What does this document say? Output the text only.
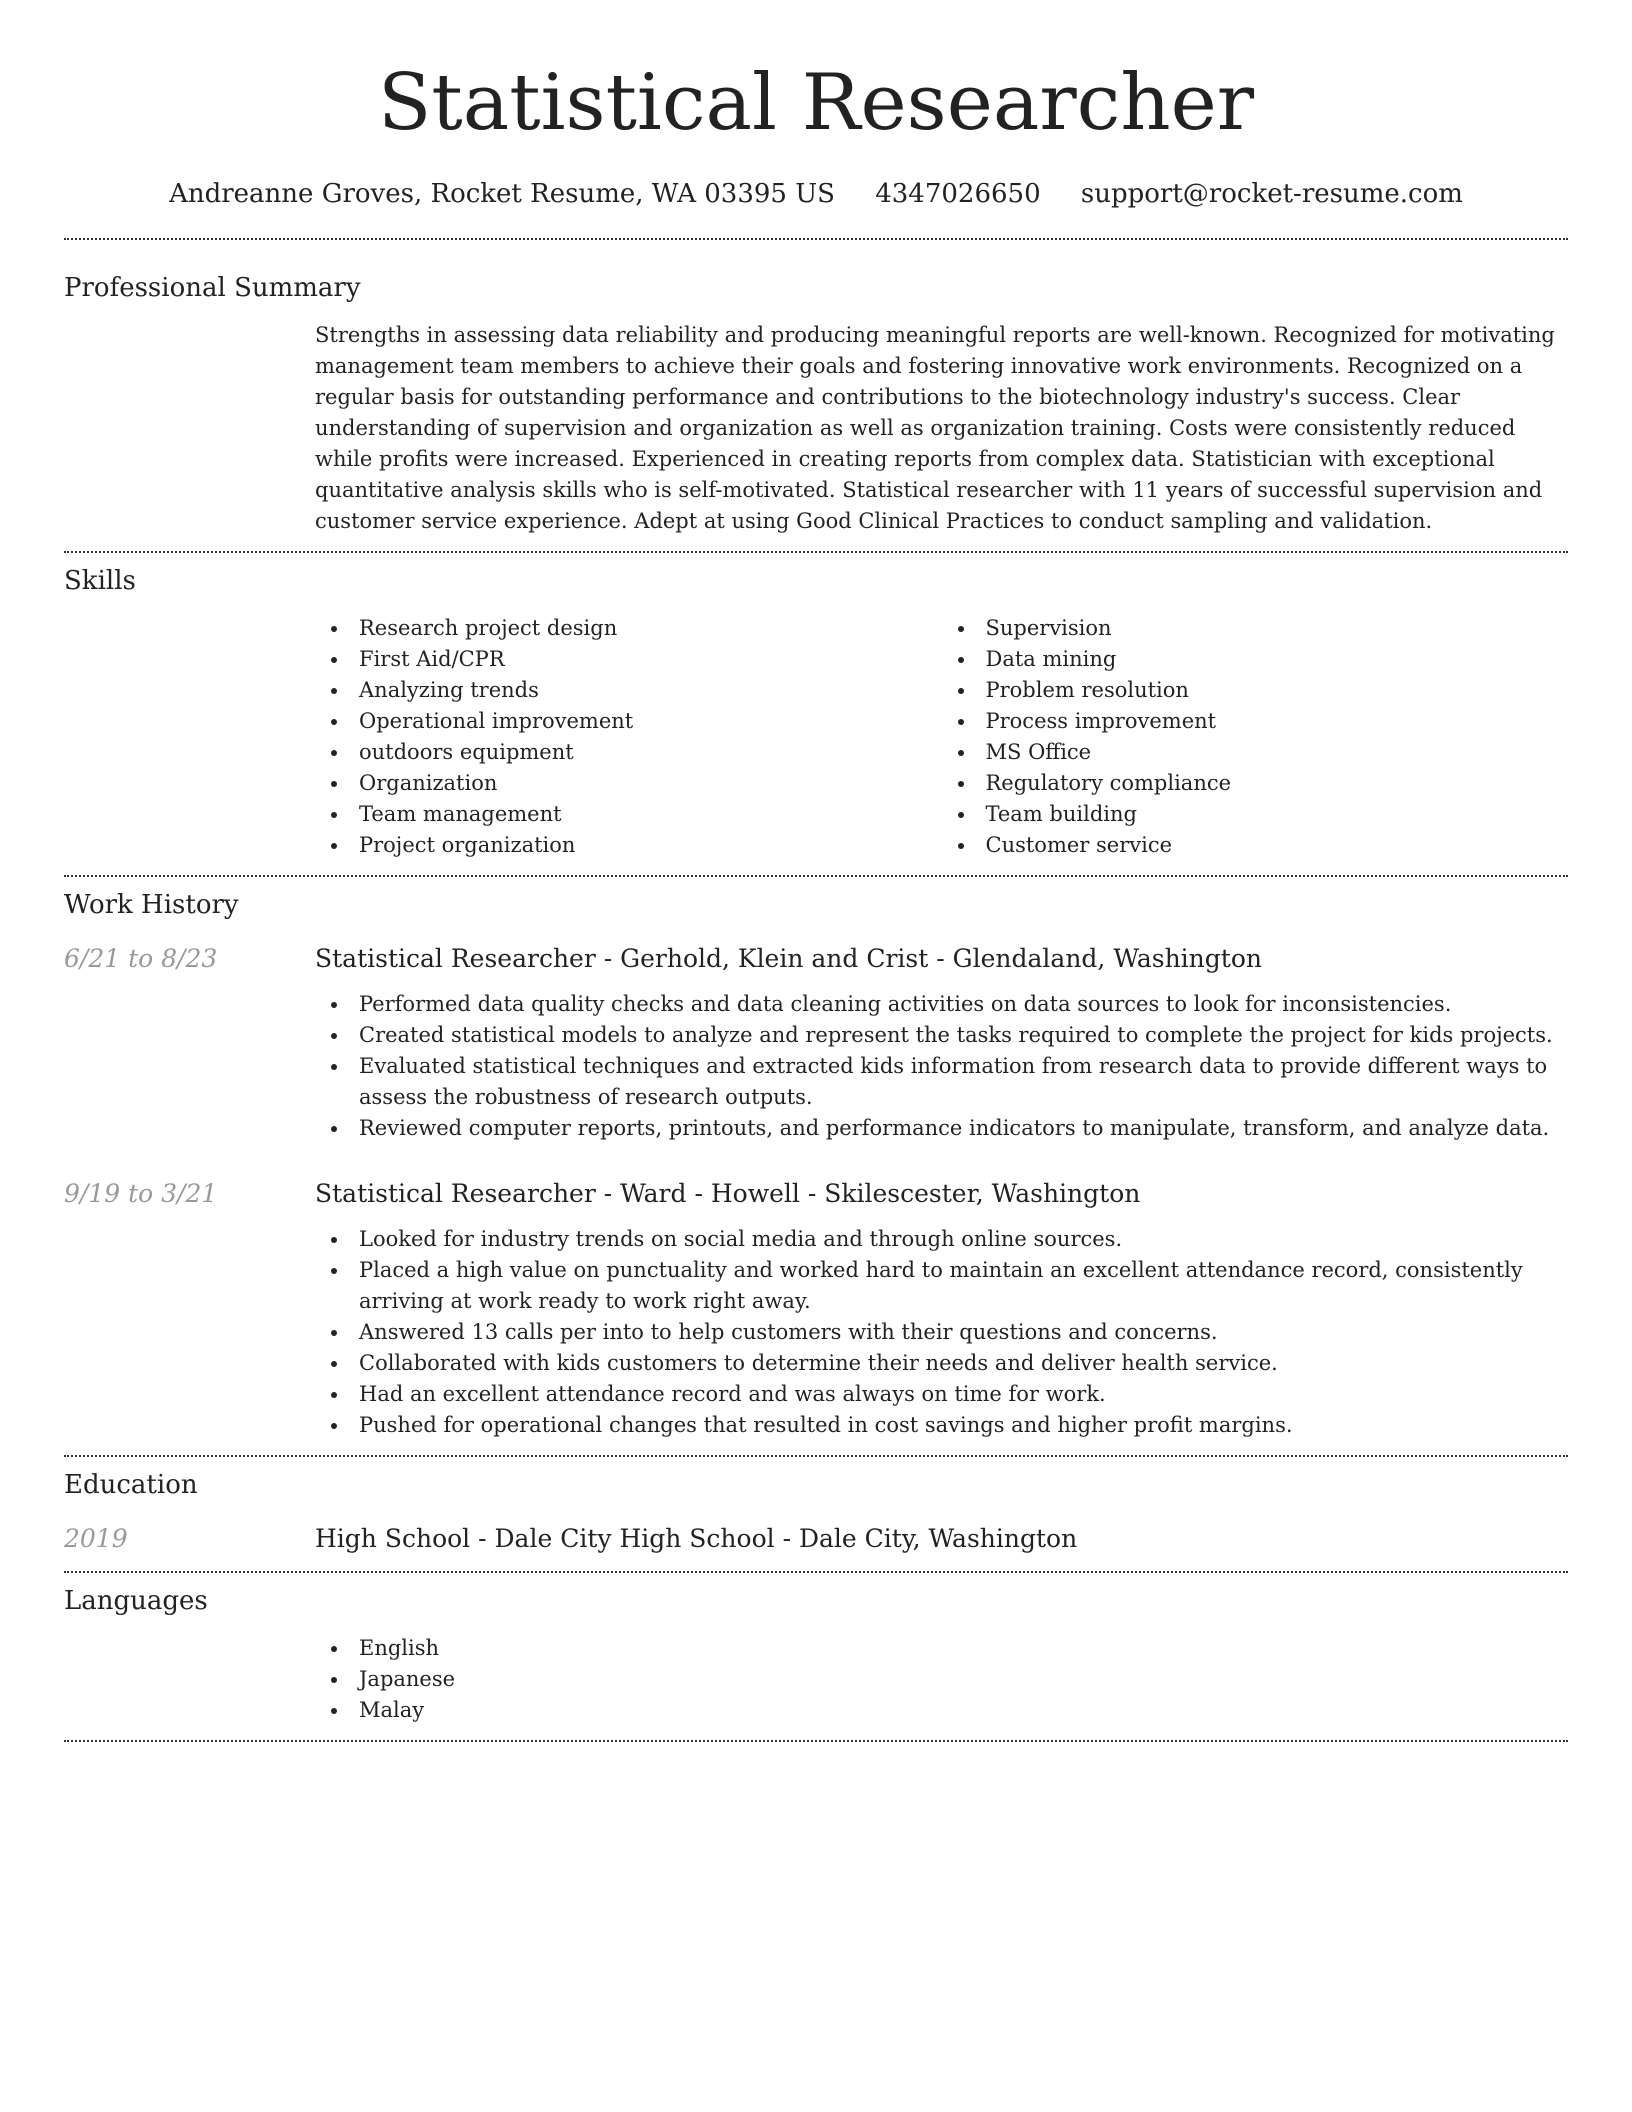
Statistical Researcher
Andreanne Groves, Rocket Resume, WA 03395 US 4347026650 support@rocket-resume.com
Professional Summary

Strengths in assessing data reliability and producing meaningful reports are well-known. Recognized for motivating management team members to achieve their goals and fostering innovative work environments. Recognized on a regular basis for outstanding performance and contributions to the biotechnology industry's success. Clear understanding of supervision and organization as well as organization training. Costs were consistently reduced while profits were increased. Experienced in creating reports from complex data. Statistician with exceptional quantitative analysis skills who is self-motivated. Statistical researcher with 11 years of successful supervision and customer service experience. Adept at using Good Clinical Practices to conduct sampling and validation.

Skills
Research project design
First Aid/CPR
Analyzing trends
Operational improvement
outdoors equipment
Organization
Team management
Project organization
Supervision
Data mining
Problem resolution
Process improvement
MS Office
Regulatory compliance
Team building
Customer service
Work History
6/21 to 8/23	Statistical Researcher - Gerhold, Klein and Crist - Glendaland, Washington
Performed data quality checks and data cleaning activities on data sources to look for inconsistencies.
Created statistical models to analyze and represent the tasks required to complete the project for kids projects.
Evaluated statistical techniques and extracted kids information from research data to provide different ways to assess the robustness of research outputs.
Reviewed computer reports, printouts, and performance indicators to manipulate, transform, and analyze data.
9/19 to 3/21	Statistical Researcher - Ward - Howell - Skilescester, Washington
Looked for industry trends on social media and through online sources.
Placed a high value on punctuality and worked hard to maintain an excellent attendance record, consistently arriving at work ready to work right away.
Answered 13 calls per into to help customers with their questions and concerns.
Collaborated with kids customers to determine their needs and deliver health service.
Had an excellent attendance record and was always on time for work.
Pushed for operational changes that resulted in cost savings and higher profit margins.
Education
2019	High School - Dale City High School - Dale City, Washington
Languages
English
Japanese
Malay
